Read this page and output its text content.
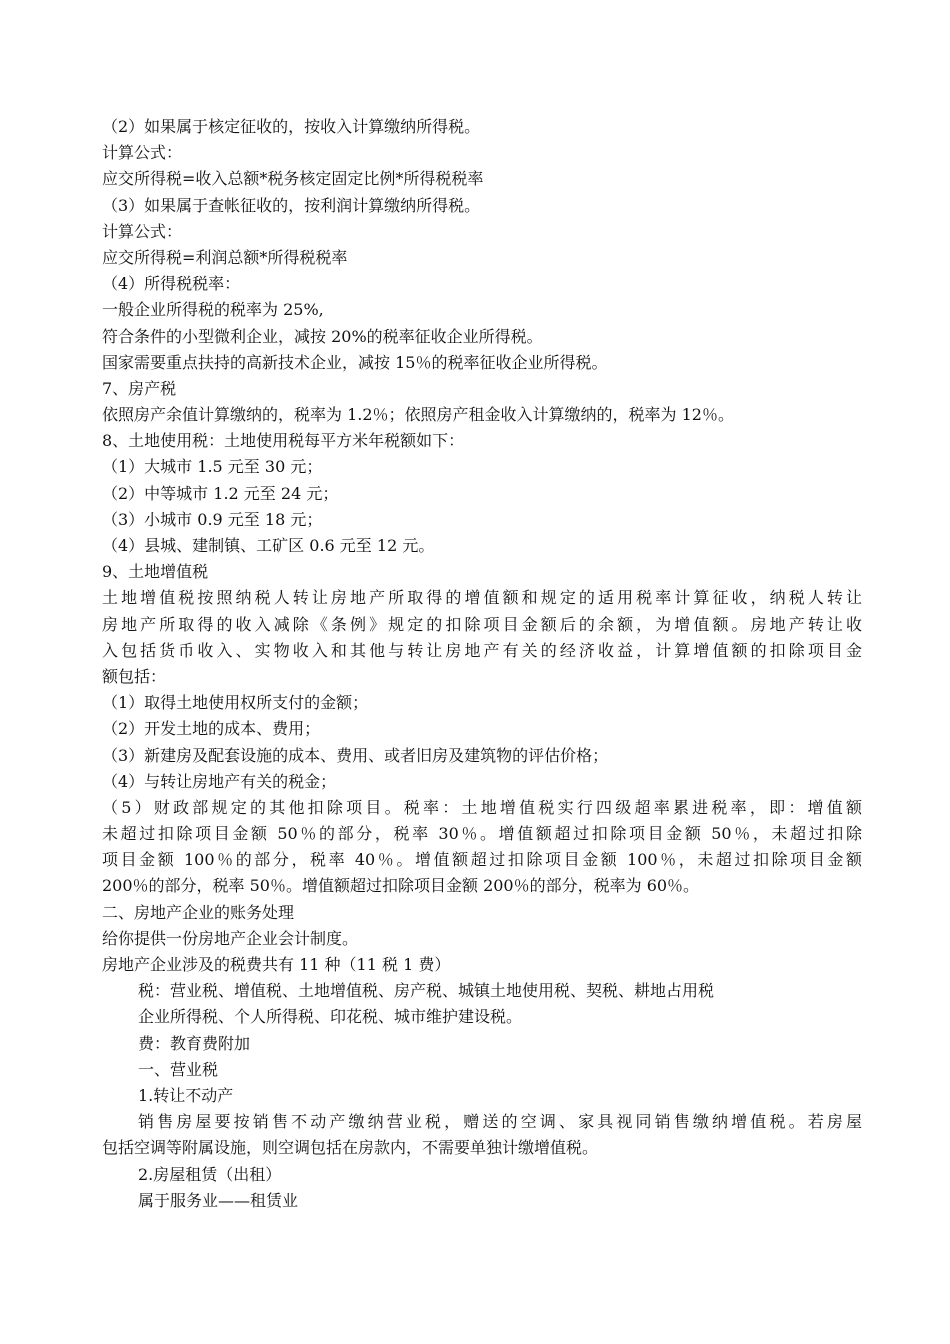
（2）如果属于核定征收的，按收入计算缴纳所得税。
计算公式：
应交所得税=收入总额*税务核定固定比例*所得税税率
（3）如果属于查帐征收的，按利润计算缴纳所得税。
计算公式：
应交所得税=利润总额*所得税税率
（4）所得税税率：
一般企业所得税的税率为 25%,
符合条件的小型微利企业，减按 20%的税率征收企业所得税。
国家需要重点扶持的高新技术企业，减按 15％的税率征收企业所得税。
7、房产税
依照房产余值计算缴纳的，税率为 1.2％；依照房产租金收入计算缴纳的，税率为 12％。
8、土地使用税：土地使用税每平方米年税额如下：
（1）大城市 1.5 元至 30 元；
（2）中等城市 1.2 元至 24 元；
（3）小城市 0.9 元至 18 元；
（4）县城、建制镇、工矿区 0.6 元至 12 元。
9、土地增值税
土地增值税按照纳税人转让房地产所取得的增值额和规定的适用税率计算征收，纳税人转让
房地产所取得的收入减除《条例》规定的扣除项目金额后的余额，为增值额。房地产转让收
入包括货币收入、实物收入和其他与转让房地产有关的经济收益，计算增值额的扣除项目金
额包括：
（1）取得土地使用权所支付的金额；
（2）开发土地的成本、费用；
（3）新建房及配套设施的成本、费用、或者旧房及建筑物的评估价格；
（4）与转让房地产有关的税金；
（5）财政部规定的其他扣除项目。税率：土地增值税实行四级超率累进税率，即：增值额
未超过扣除项目金额 50％的部分，税率 30％。增值额超过扣除项目金额 50％，未超过扣除
项目金额 100％的部分，税率 40％。增值额超过扣除项目金额 100％，未超过扣除项目金额
200％的部分，税率 50％。增值额超过扣除项目金额 200％的部分，税率为 60％。
二、房地产企业的账务处理
给你提供一份房地产企业会计制度。
房地产企业涉及的税费共有 11 种（11 税 1 费）
税：营业税、增值税、土地增值税、房产税、城镇土地使用税、契税、耕地占用税
企业所得税、个人所得税、印花税、城市维护建设税。
费：教育费附加
一、营业税
1.转让不动产
销售房屋要按销售不动产缴纳营业税，赠送的空调、家具视同销售缴纳增值税。若房屋
包括空调等附属设施，则空调包括在房款内，不需要单独计缴增值税。
2.房屋租赁（出租）
属于服务业——租赁业
